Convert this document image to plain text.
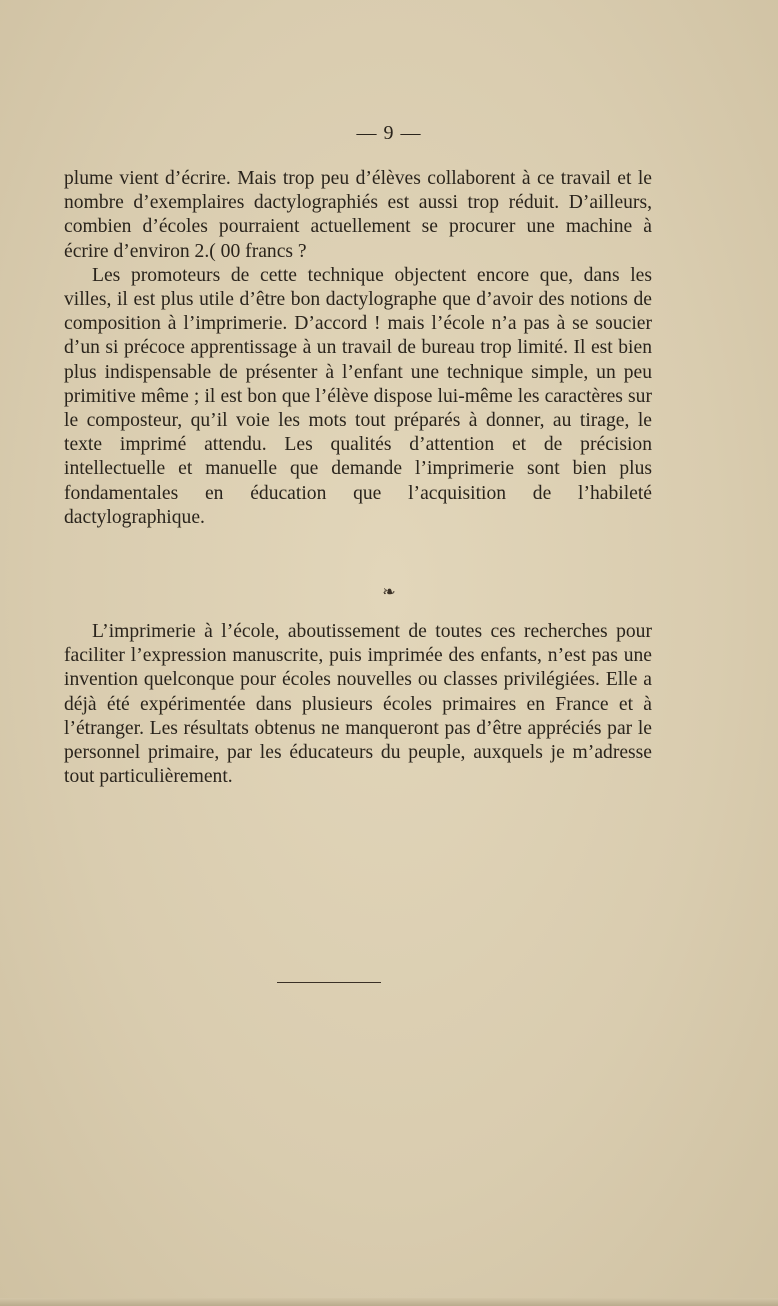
— 9 —

plume vient d’écrire. Mais trop peu d’élèves collaborent à ce travail et le nombre d’exemplaires dactylographiés est aussi trop réduit. D’ailleurs, combien d’écoles pourraient actuellement se procurer une machine à écrire d’environ 2.( 00 francs ?

Les promoteurs de cette technique objectent encore que, dans les villes, il est plus utile d’être bon dactylographe que d’avoir des notions de composition à l’imprimerie. D’accord ! mais l’école n’a pas à se soucier d’un si précoce apprentissage à un travail de bureau trop limité. Il est bien plus indispensable de présenter à l’enfant une technique simple, un peu primitive même ; il est bon que l’élève dispose lui-même les caractères sur le composteur, qu’il voie les mots tout préparés à donner, au tirage, le texte imprimé attendu. Les qualités d’attention et de précision intellectuelle et manuelle que demande l’imprimerie sont bien plus fondamentales en éducation que l’acquisition de l’habileté dactylographique.

❧

L’imprimerie à l’école, aboutissement de toutes ces recherches pour faciliter l’expression manuscrite, puis imprimée des enfants, n’est pas une invention quelconque pour écoles nouvelles ou classes privilégiées. Elle a déjà été expérimentée dans plusieurs écoles primaires en France et à l’étranger. Les résultats obtenus ne manqueront pas d’être appréciés par le personnel primaire, par les éducateurs du peuple, auxquels je m’adresse tout particulièrement.
